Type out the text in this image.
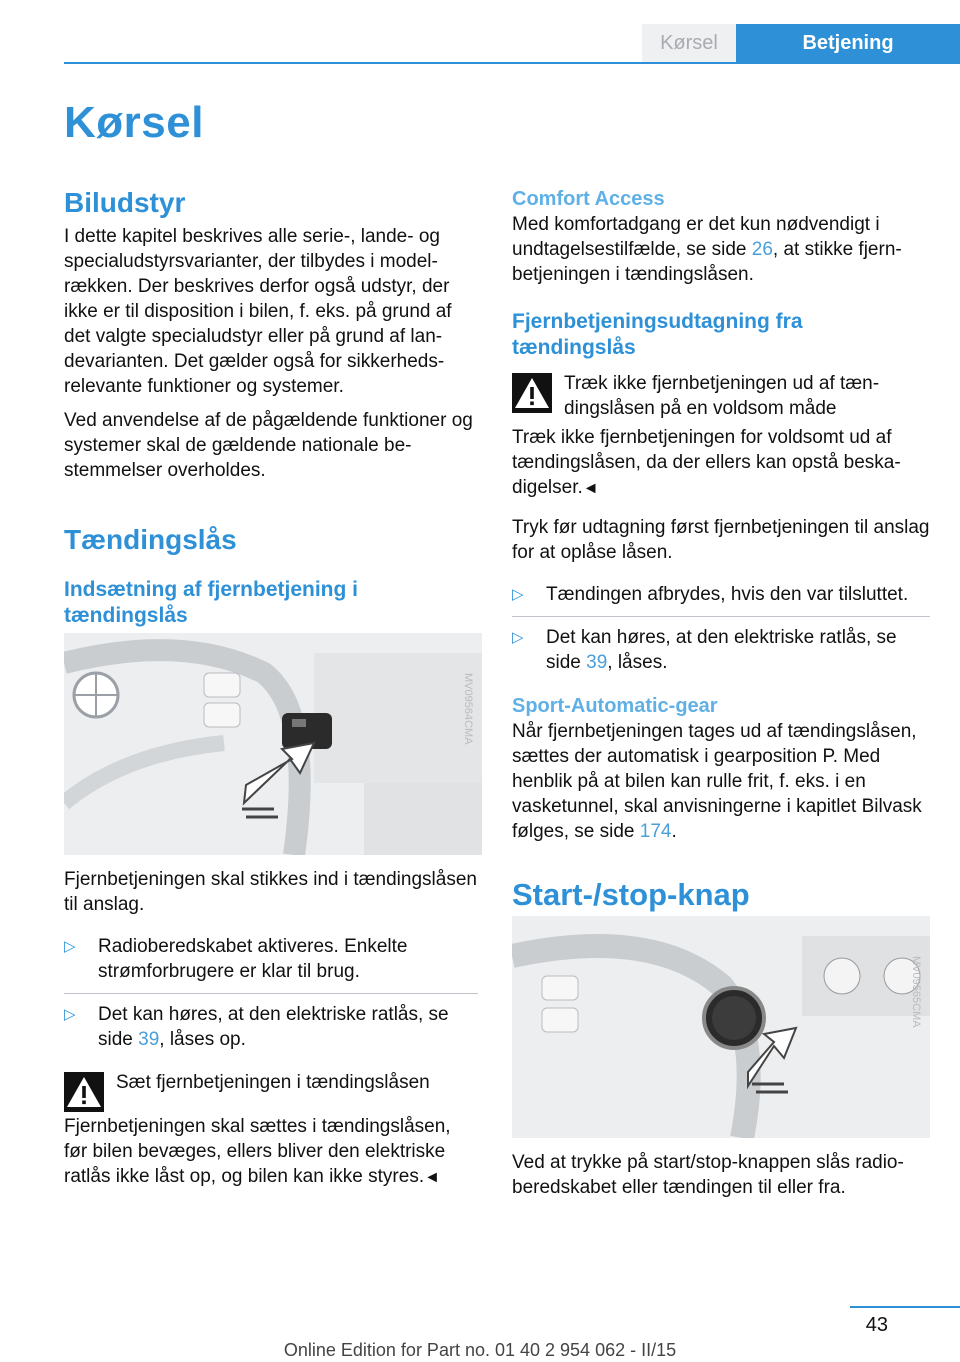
Kørsel	Betjening
Kørsel
Biludstyr

I dette kapitel beskrives alle serie-, lande- og specialudstyrsvarianter, der tilbydes i modelrækken. Der beskrives derfor også udstyr, der ikke er til disposition i bilen, f. eks. på grund af det valgte specialudstyr eller på grund af landevarianten. Det gælder også for sikkerhedsrelevante funktioner og systemer.

Ved anvendelse af de pågældende funktioner og systemer skal de gældende nationale bestemmelser overholdes.

Tændingslås
Indsætning af fjernbetjening i tændingslås
MV09564CMA

Fjernbetjeningen skal stikkes ind i tændingslåsen til anslag.

▷ Radioberedskabet aktiveres. Enkelte strømforbrugere er klar til brug.
▷ Det kan høres, at den elektriske ratlås, se side 39, låses op.

Sæt fjernbetjeningen i tændingslåsen

Fjernbetjeningen skal sættes i tændingslåsen, før bilen bevæges, ellers bliver den elektriske ratlås ikke låst op, og bilen kan ikke styres.◄

Comfort Access

Med komfortadgang er det kun nødvendigt i undtagelsestilfælde, se side 26, at stikke fjernbetjeningen i tændingslåsen.

Fjernbetjeningsudtagning fra tændingslås

Træk ikke fjernbetjeningen ud af tændingslåsen på en voldsom måde

Træk ikke fjernbetjeningen for voldsomt ud af tændingslåsen, da der ellers kan opstå beskadigelser.◄

Tryk før udtagning først fjernbetjeningen til anslag for at oplåse låsen.

▷ Tændingen afbrydes, hvis den var tilsluttet.
▷ Det kan høres, at den elektriske ratlås, se side 39, låses.
Sport-Automatic-gear

Når fjernbetjeningen tages ud af tændingslåsen, sættes der automatisk i gearposition P. Med henblik på at bilen kan rulle frit, f. eks. i en vasketunnel, skal anvisningerne i kapitlet Bilvask følges, se side 174.

Start-/stop-knap
MV09565CMA

Ved at trykke på start/stop-knappen slås radioberedskabet eller tændingen til eller fra.

43
Online Edition for Part no. 01 40 2 954 062 - II/15
